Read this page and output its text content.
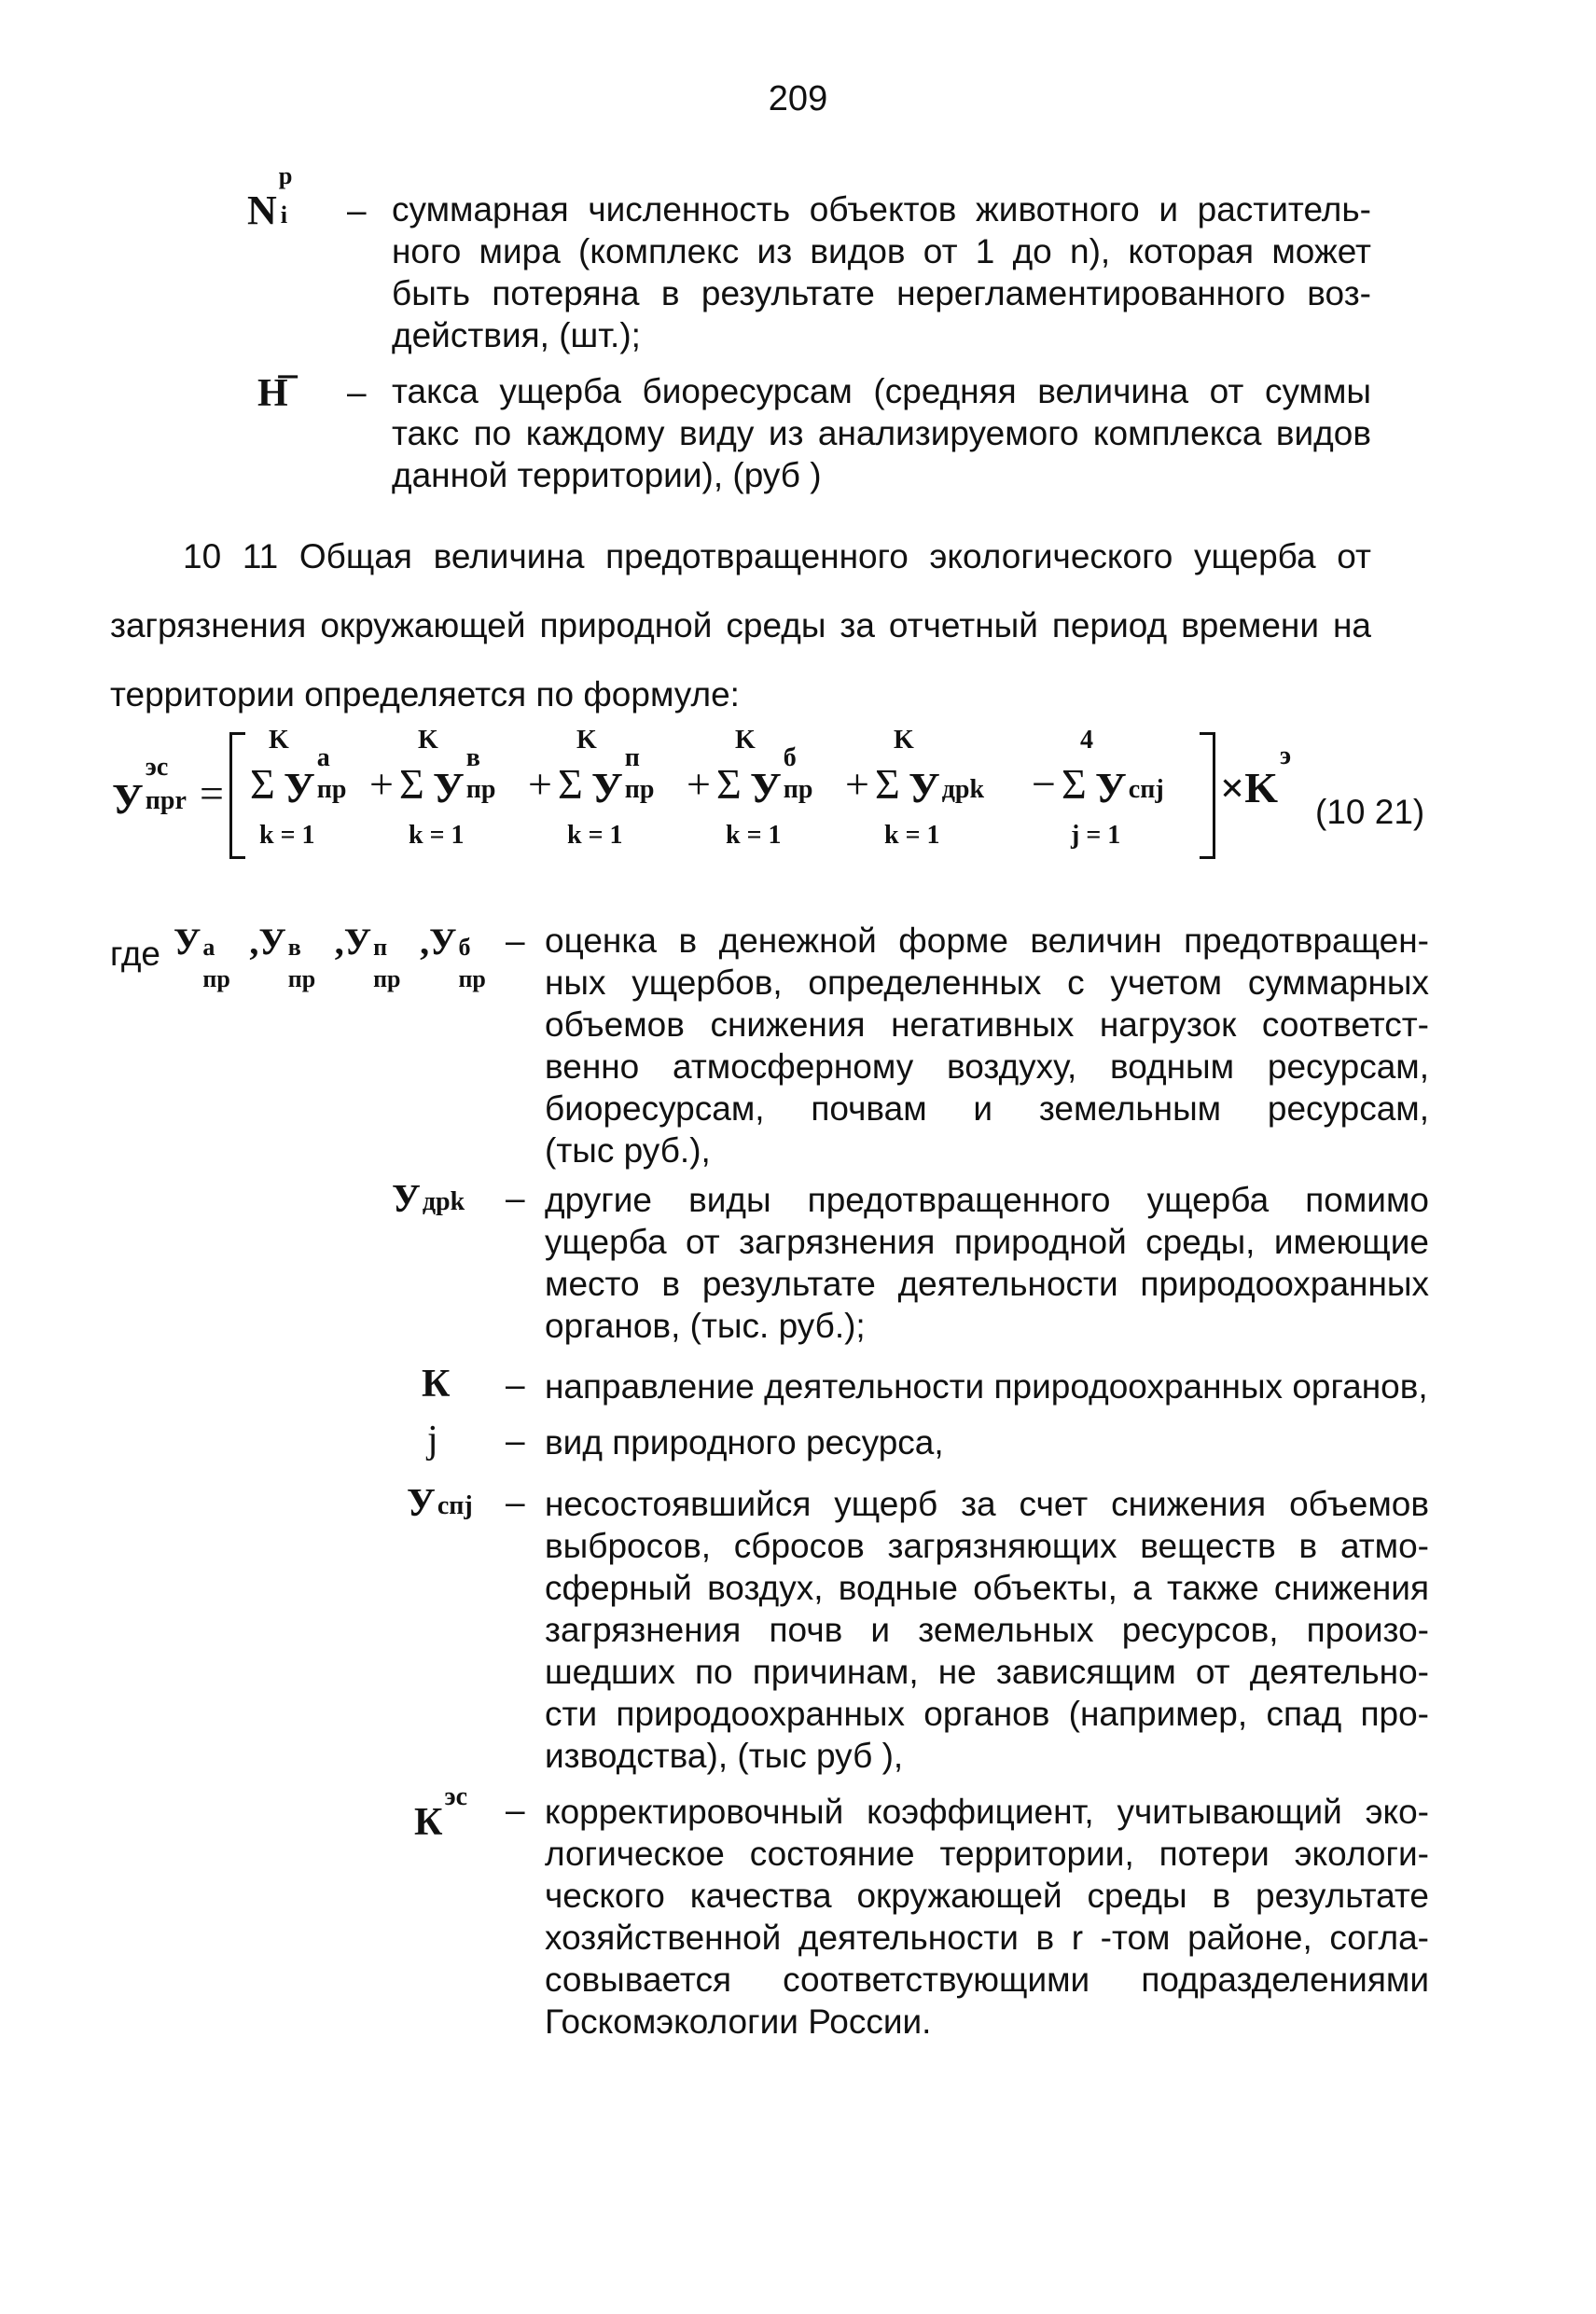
209
N
р
i – суммарная численность объектов животного и раститель-
ного мира (комплекс из видов от 1 до n), которая может
быть потеряна в результате нерегламентированного воз-
действия, (шт.);
Н̅ – такса ущерба биоресурсам (средняя величина от суммы
такс по каждому виду из анализируемого комплекса видов
данной территории), (руб )
10 11 Общая величина предотвращенного экологического ущерба от
загрязнения окружающей природной среды за отчетный период времени на
территории определяется по формуле:
У
эс
прr =
K
Σ У
а
пр
k = 1
+
K
Σ У
в
пр
k = 1
+
K
Σ У
п
пр
k = 1
+
K
Σ У
б
пр
k = 1
+
K
Σ У дрk
k = 1
−
4
Σ У спj
j = 1
×K
э
(10 21)
где У а
пр
,У в
пр
,У п
пр
,У б
пр
– оценка в денежной форме величин предотвращен-
ных ущербов, определенных с учетом суммарных
объемов снижения негативных нагрузок соответст-
венно атмосферному воздуху, водным ресурсам,
биоресурсам, почвам и земельным ресурсам,
(тыс руб.),
У дрk – другие виды предотвращенного ущерба помимо
ущерба от загрязнения природной среды, имеющие
место в результате деятельности природоохранных
органов, (тыс. руб.);
К – направление деятельности природоохранных органов,
j – вид природного ресурса,
У спj – несостоявшийся ущерб за счет снижения объемов
выбросов, сбросов загрязняющих веществ в атмо-
сферный воздух, водные объекты, а также снижения
загрязнения почв и земельных ресурсов, произо-
шедших по причинам, не зависящим от деятельно-
сти природоохранных органов (например, спад про-
изводства), (тыс руб ),
К
эс – корректировочный коэффициент, учитывающий эко-
логическое состояние территории, потери экологи-
ческого качества окружающей среды в результате
хозяйственной деятельности в r -том районе, согла-
совывается соответствующими подразделениями
Госкомэкологии России.
